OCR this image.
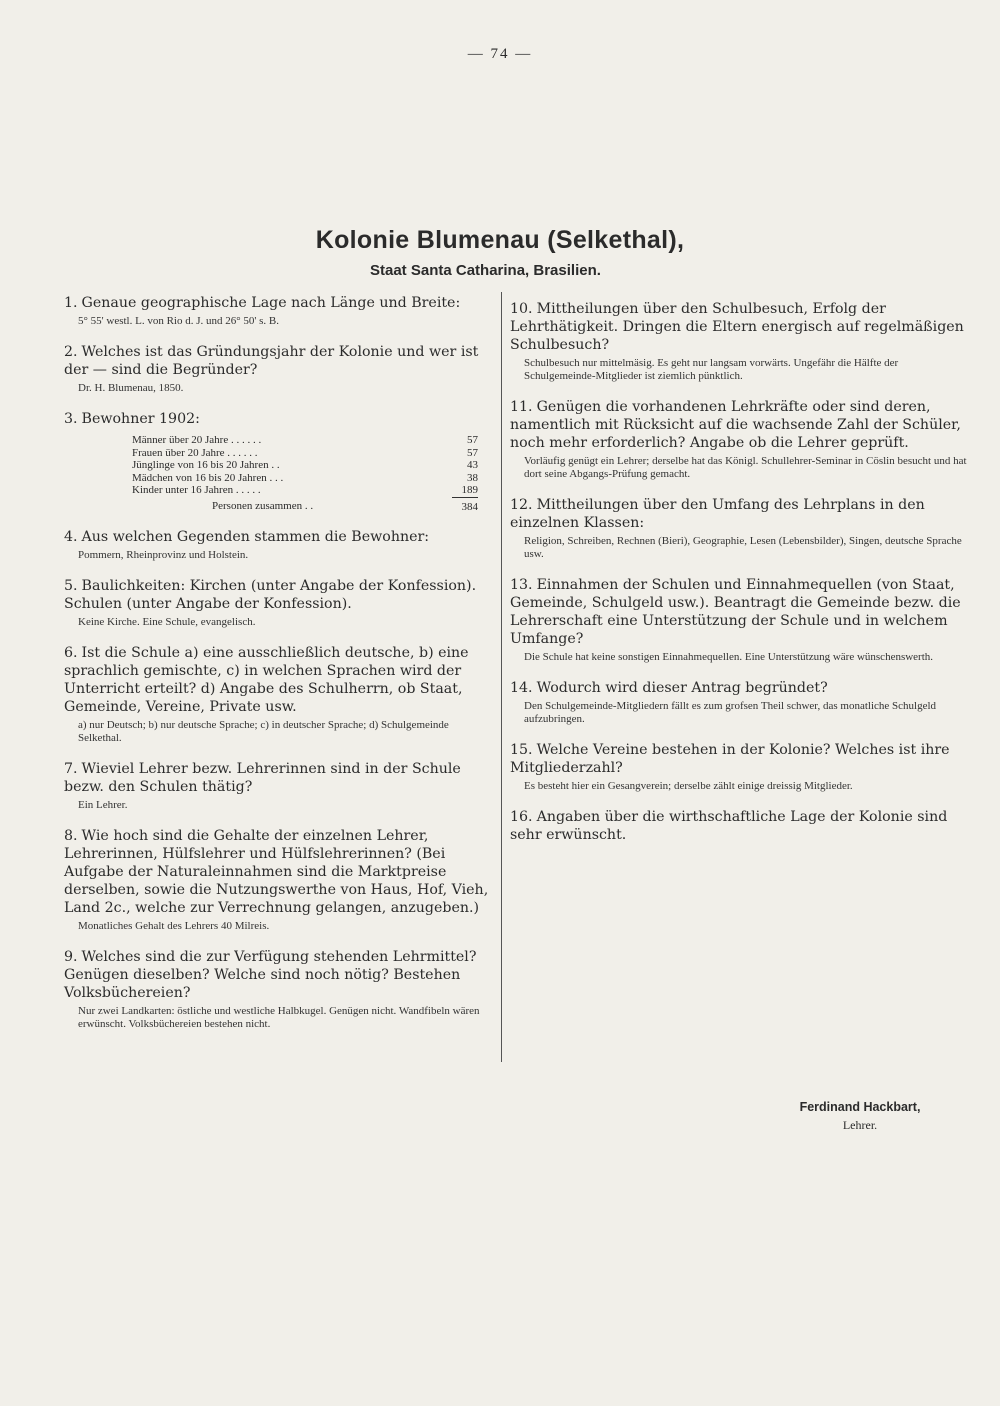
— 74 —
Kolonie Blumenau (Selkethal),
Staat Santa Catharina, Brasilien.

1. Genaue geographische Lage nach Länge und Breite:

5° 55' westl. L. von Rio d. J. und 26° 50' s. B.

2. Welches ist das Gründungsjahr der Kolonie und wer ist der — sind die Begründer?

Dr. H. Blumenau, 1850.

3. Bewohner 1902:

Männer über 20 Jahre . . . . . .	57
Frauen über 20 Jahre . . . . . .	57
Jünglinge von 16 bis 20 Jahren . .	43
Mädchen von 16 bis 20 Jahren . . .	38
Kinder unter 16 Jahren . . . . .	189
Personen zusammen . .	384

4. Aus welchen Gegenden stammen die Bewohner:

Pommern, Rheinprovinz und Holstein.

5. Baulichkeiten: Kirchen (unter Angabe der Konfession). Schulen (unter Angabe der Konfession).

Keine Kirche. Eine Schule, evangelisch.

6. Ist die Schule a) eine ausschließlich deutsche, b) eine sprachlich gemischte, c) in welchen Sprachen wird der Unterricht erteilt? d) Angabe des Schulherrn, ob Staat, Gemeinde, Vereine, Private usw.

a) nur Deutsch; b) nur deutsche Sprache; c) in deutscher Sprache; d) Schulgemeinde Selkethal.

7. Wieviel Lehrer bezw. Lehrerinnen sind in der Schule bezw. den Schulen thätig?

Ein Lehrer.

8. Wie hoch sind die Gehalte der einzelnen Lehrer, Lehrerinnen, Hülfslehrer und Hülfslehrerinnen? (Bei Aufgabe der Naturaleinnahmen sind die Marktpreise derselben, sowie die Nutzungswerthe von Haus, Hof, Vieh, Land 2c., welche zur Verrechnung gelangen, anzugeben.)

Monatliches Gehalt des Lehrers 40 Milreis.

9. Welches sind die zur Verfügung stehenden Lehrmittel? Genügen dieselben? Welche sind noch nötig? Bestehen Volksbüchereien?

Nur zwei Landkarten: östliche und westliche Halbkugel. Genügen nicht. Wandfibeln wären erwünscht. Volksbüchereien bestehen nicht.

10. Mittheilungen über den Schulbesuch, Erfolg der Lehrthätigkeit. Dringen die Eltern energisch auf regelmäßigen Schulbesuch?

Schulbesuch nur mittelmäsig. Es geht nur langsam vorwärts. Ungefähr die Hälfte der Schulgemeinde-Mitglieder ist ziemlich pünktlich.

11. Genügen die vorhandenen Lehrkräfte oder sind deren, namentlich mit Rücksicht auf die wachsende Zahl der Schüler, noch mehr erforderlich? Angabe ob die Lehrer geprüft.

Vorläufig genügt ein Lehrer; derselbe hat das Königl. Schullehrer-Seminar in Cöslin besucht und hat dort seine Abgangs-Prüfung gemacht.

12. Mittheilungen über den Umfang des Lehrplans in den einzelnen Klassen:

Religion, Schreiben, Rechnen (Bieri), Geographie, Lesen (Lebensbilder), Singen, deutsche Sprache usw.

13. Einnahmen der Schulen und Einnahmequellen (von Staat, Gemeinde, Schulgeld usw.). Beantragt die Gemeinde bezw. die Lehrerschaft eine Unterstützung der Schule und in welchem Umfange?

Die Schule hat keine sonstigen Einnahmequellen. Eine Unterstützung wäre wünschenswerth.

14. Wodurch wird dieser Antrag begründet?

Den Schulgemeinde-Mitgliedern fällt es zum grofsen Theil schwer, das monatliche Schulgeld aufzubringen.

15. Welche Vereine bestehen in der Kolonie? Welches ist ihre Mitgliederzahl?

Es besteht hier ein Gesangverein; derselbe zählt einige dreissig Mitglieder.

16. Angaben über die wirthschaftliche Lage der Kolonie sind sehr erwünscht.

Ferdinand Hackbart,
Lehrer.
